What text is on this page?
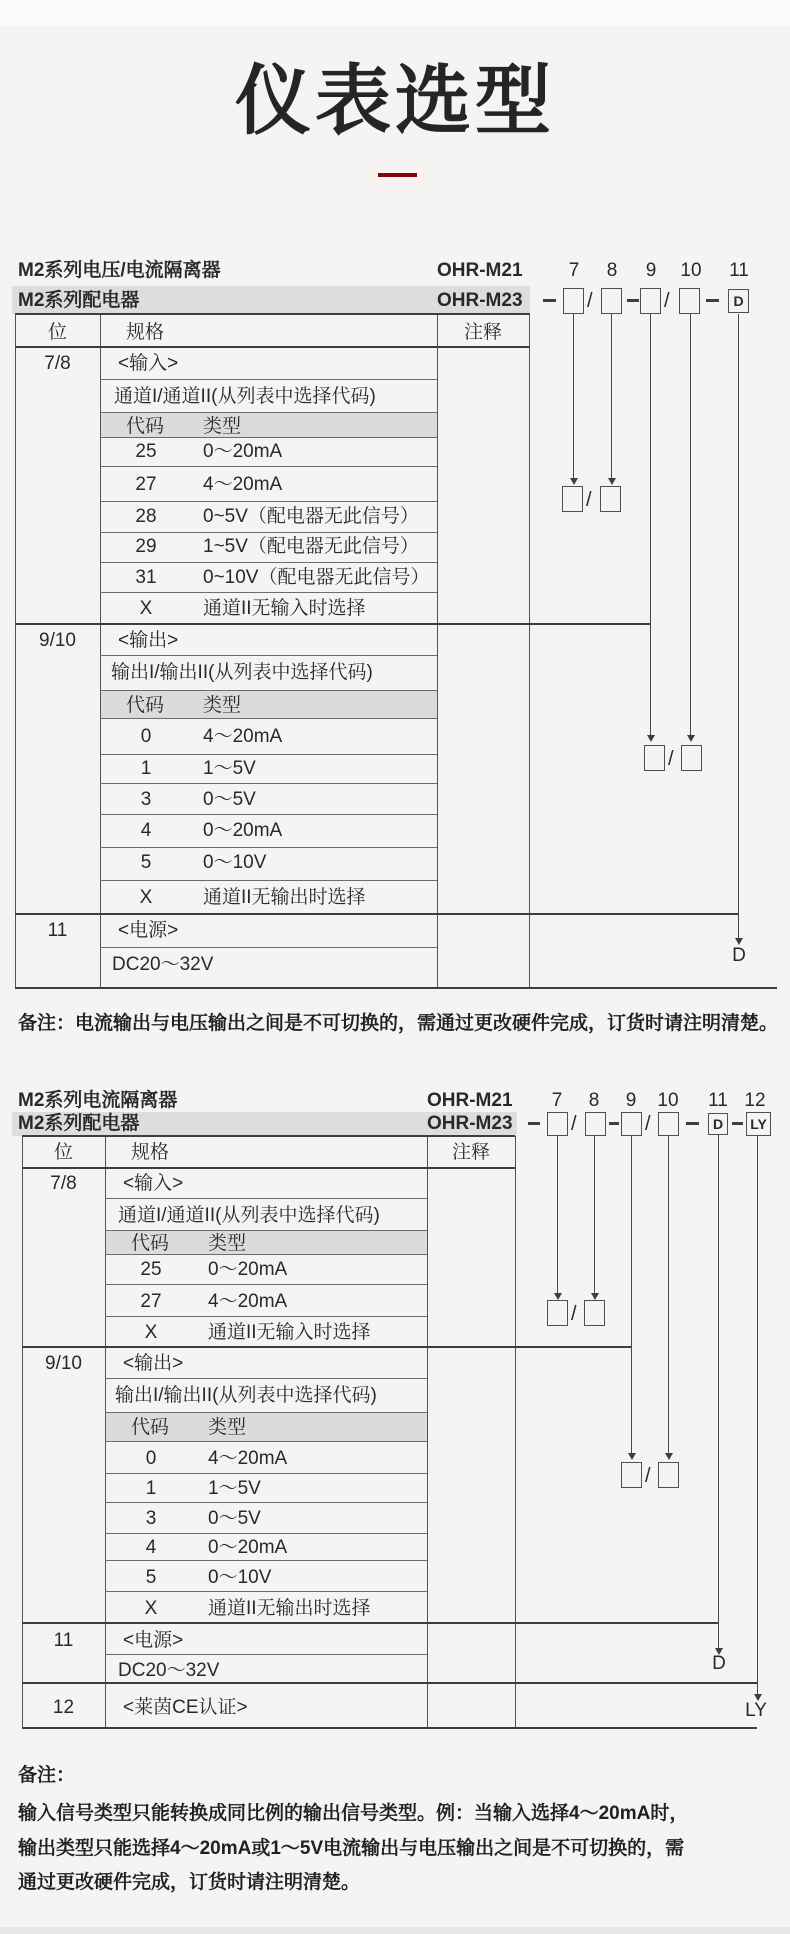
仪表选型
M2系列电压/电流隔离器	OHR-M21
M2系列配电器	OHR-M23
7	8	9	10 11
/	/	D
/
/
D
位	规格	注释
7/8	<输入>
通道I/通道II(从列表中选择代码)
代码 类型
25	0～20mA
27	4～20mA
28	0~5V（配电器无此信号）
29	1~5V（配电器无此信号）
31	0~10V（配电器无此信号）
X	通道II无输入时选择
9/10	<输出>
输出I/输出II(从列表中选择代码)
代码 类型
0	4～20mA
1	1～5V
3	0～5V
4	0～20mA
5	0～10V
X	通道II无输出时选择
11	<电源>
DC20～32V
备注：电流输出与电压输出之间是不可切换的，需通过更改硬件完成，订货时请注明清楚。
M2系列电流隔离器	OHR-M21
M2系列配电器	OHR-M23
7	8	9	10 11 12
/	/	D	LY
/
/
D
LY
位	规格	注释
7/8	<输入>
通道I/通道II(从列表中选择代码)
代码 类型
25	0～20mA
27	4～20mA
X	通道II无输入时选择
9/10	<输出>
输出I/输出II(从列表中选择代码)
代码 类型
0	4～20mA
1	1～5V
3	0～5V
4	0～20mA
5	0～10V
X	通道II无输出时选择
11	<电源>
DC20～32V
12	<莱茵CE认证>
备注：
输入信号类型只能转换成同比例的输出信号类型。例：当输入选择4～20mA时，
输出类型只能选择4～20mA或1～5V电流输出与电压输出之间是不可切换的，需
通过更改硬件完成，订货时请注明清楚。
